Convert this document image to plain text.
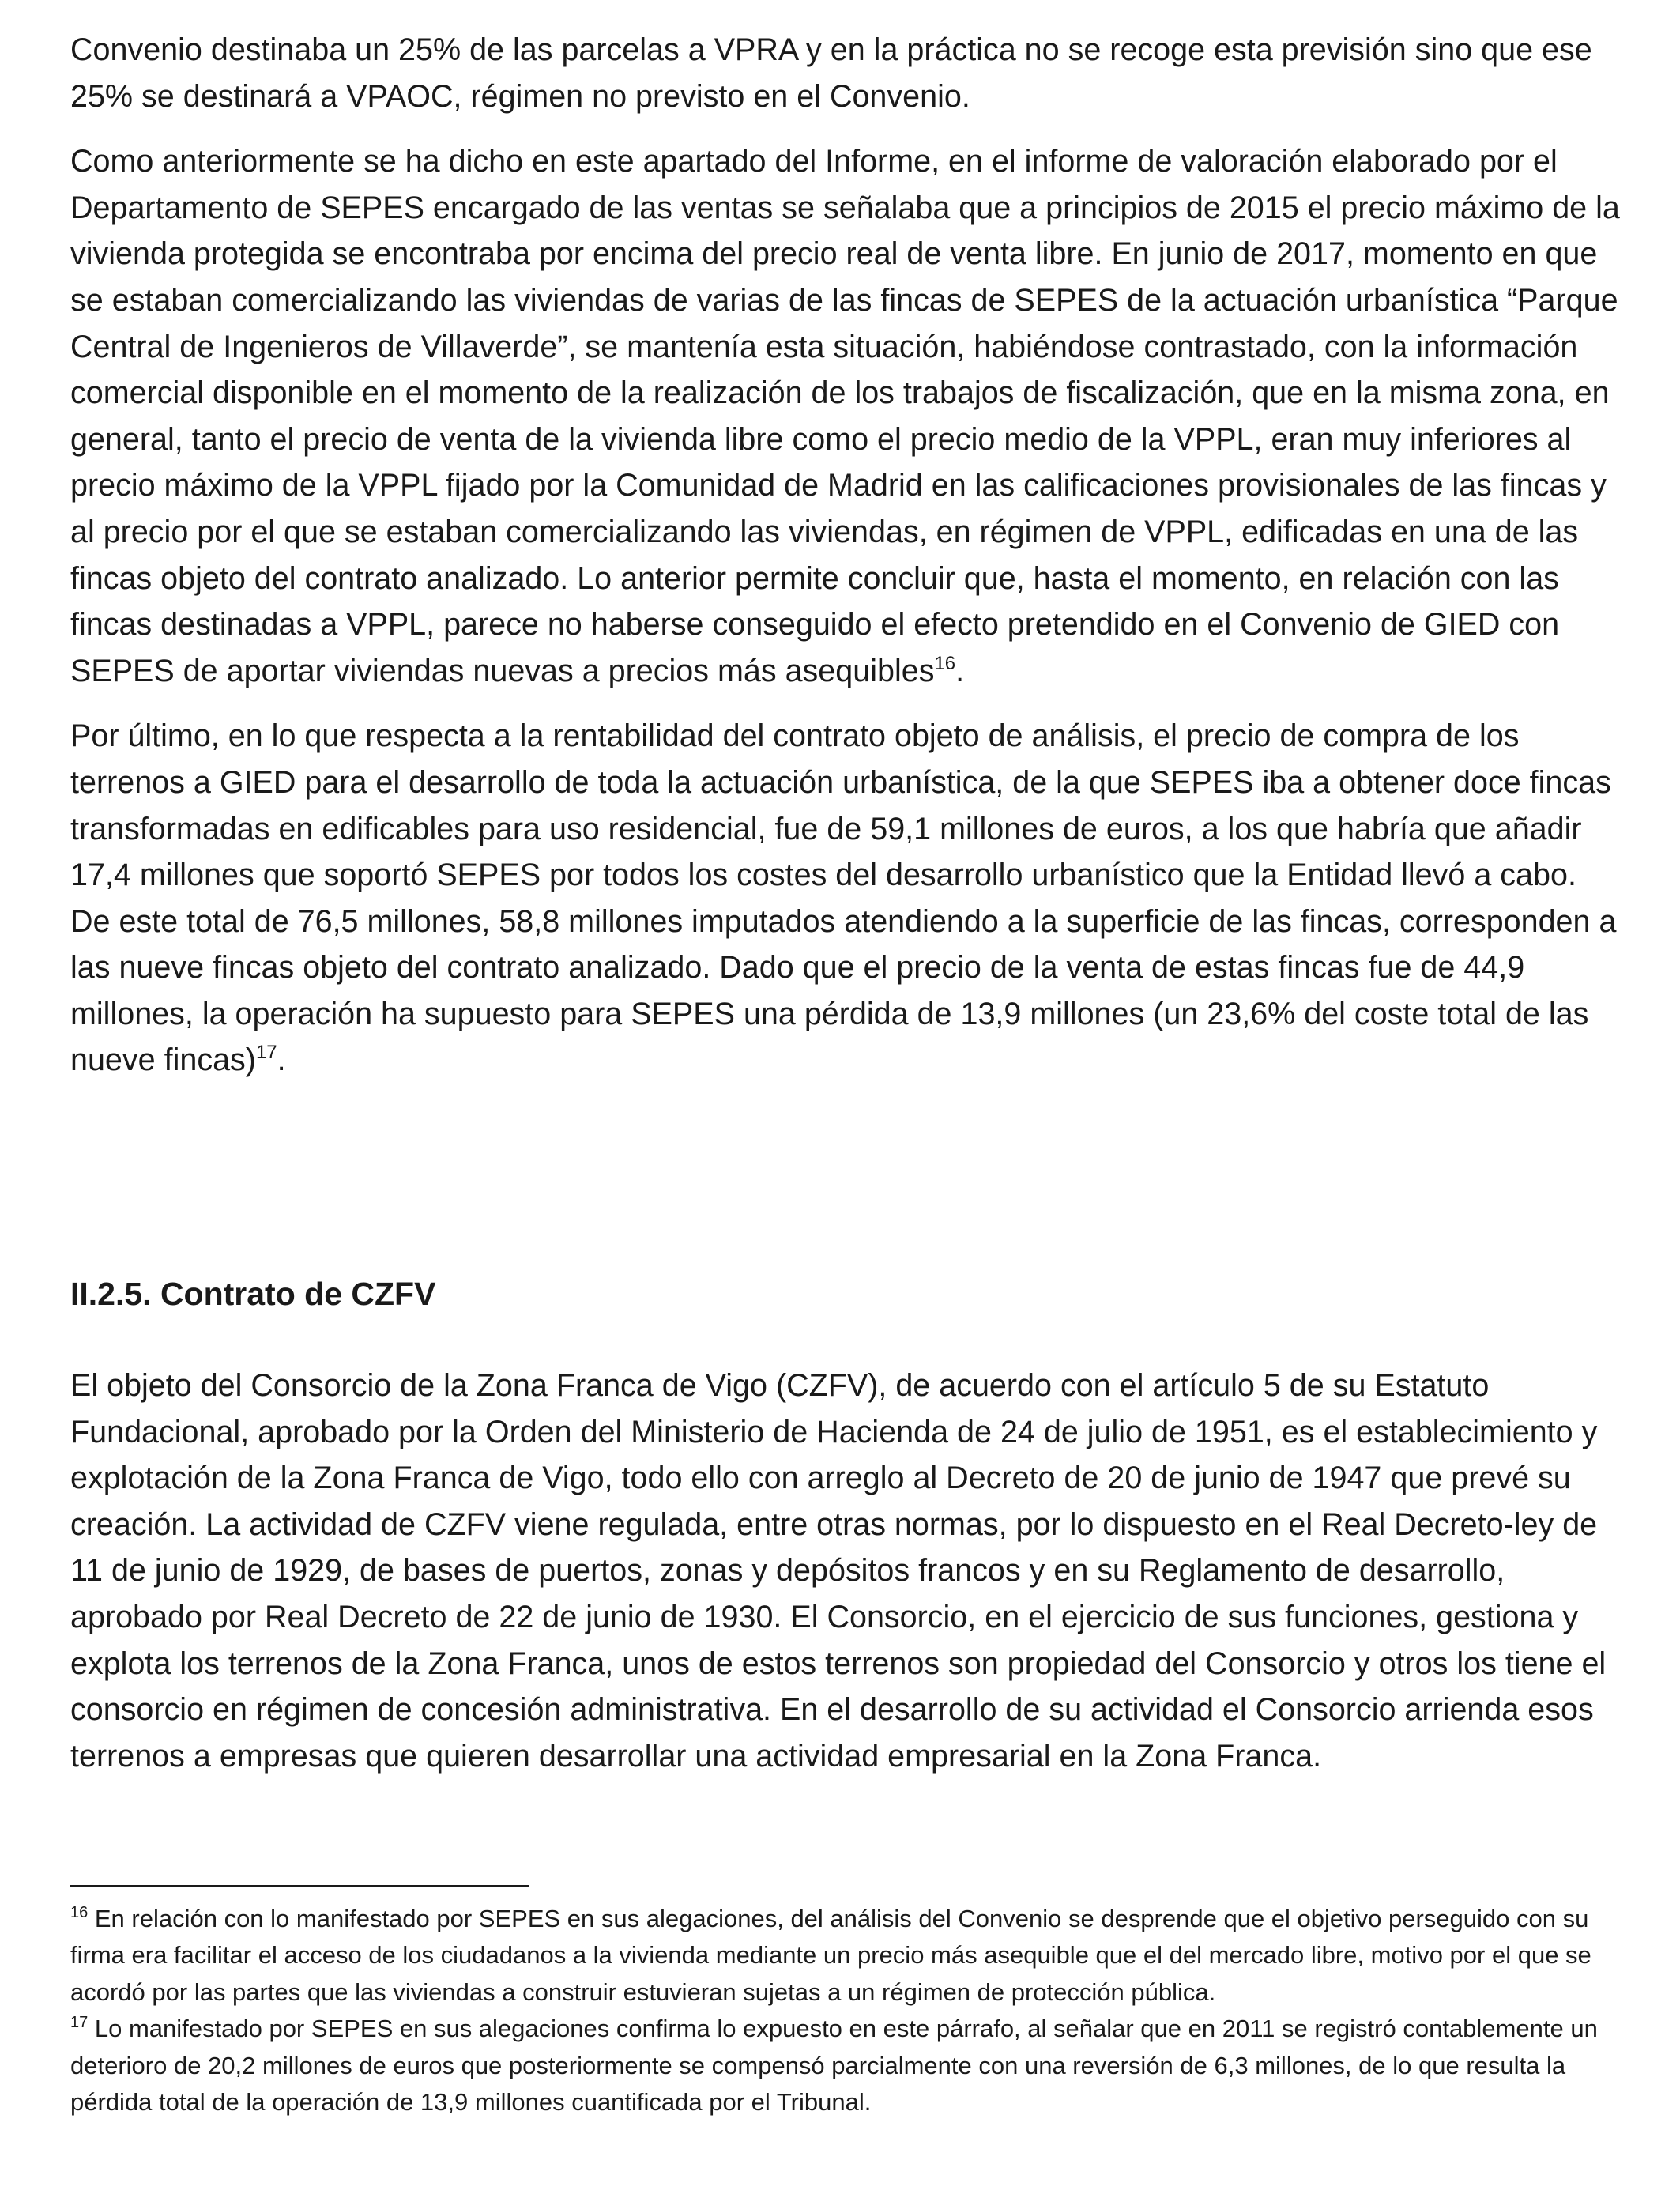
Convenio destinaba un 25% de las parcelas a VPRA y en la práctica no se recoge esta previsión sino que ese 25% se destinará a VPAOC, régimen no previsto en el Convenio.

Como anteriormente se ha dicho en este apartado del Informe, en el informe de valoración elaborado por el Departamento de SEPES encargado de las ventas se señalaba que a principios de 2015 el precio máximo de la vivienda protegida se encontraba por encima del precio real de venta libre. En junio de 2017, momento en que se estaban comercializando las viviendas de varias de las fincas de SEPES de la actuación urbanística “Parque Central de Ingenieros de Villaverde”, se mantenía esta situación, habiéndose contrastado, con la información comercial disponible en el momento de la realización de los trabajos de fiscalización, que en la misma zona, en general, tanto el precio de venta de la vivienda libre como el precio medio de la VPPL, eran muy inferiores al precio máximo de la VPPL fijado por la Comunidad de Madrid en las calificaciones provisionales de las fincas y al precio por el que se estaban comercializando las viviendas, en régimen de VPPL, edificadas en una de las fincas objeto del contrato analizado. Lo anterior permite concluir que, hasta el momento, en relación con las fincas destinadas a VPPL, parece no haberse conseguido el efecto pretendido en el Convenio de GIED con SEPES de aportar viviendas nuevas a precios más asequibles$^{16}$.

Por último, en lo que respecta a la rentabilidad del contrato objeto de análisis, el precio de compra de los terrenos a GIED para el desarrollo de toda la actuación urbanística, de la que SEPES iba a obtener doce fincas transformadas en edificables para uso residencial, fue de 59,1 millones de euros, a los que habría que añadir 17,4 millones que soportó SEPES por todos los costes del desarrollo urbanístico que la Entidad llevó a cabo. De este total de 76,5 millones, 58,8 millones imputados atendiendo a la superficie de las fincas, corresponden a las nueve fincas objeto del contrato analizado. Dado que el precio de la venta de estas fincas fue de 44,9 millones, la operación ha supuesto para SEPES una pérdida de 13,9 millones (un 23,6% del coste total de las nueve fincas)$^{17}$.

II.2.5. Contrato de CZFV

El objeto del Consorcio de la Zona Franca de Vigo (CZFV), de acuerdo con el artículo 5 de su Estatuto Fundacional, aprobado por la Orden del Ministerio de Hacienda de 24 de julio de 1951, es el establecimiento y explotación de la Zona Franca de Vigo, todo ello con arreglo al Decreto de 20 de junio de 1947 que prevé su creación. La actividad de CZFV viene regulada, entre otras normas, por lo dispuesto en el Real Decreto-ley de 11 de junio de 1929, de bases de puertos, zonas y depósitos francos y en su Reglamento de desarrollo, aprobado por Real Decreto de 22 de junio de 1930. El Consorcio, en el ejercicio de sus funciones, gestiona y explota los terrenos de la Zona Franca, unos de estos terrenos son propiedad del Consorcio y otros los tiene el consorcio en régimen de concesión administrativa. En el desarrollo de su actividad el Consorcio arrienda esos terrenos a empresas que quieren desarrollar una actividad empresarial en la Zona Franca.

$^{16}$ En relación con lo manifestado por SEPES en sus alegaciones, del análisis del Convenio se desprende que el objetivo perseguido con su firma era facilitar el acceso de los ciudadanos a la vivienda mediante un precio más asequible que el del mercado libre, motivo por el que se acordó por las partes que las viviendas a construir estuvieran sujetas a un régimen de protección pública.

$^{17}$ Lo manifestado por SEPES en sus alegaciones confirma lo expuesto en este párrafo, al señalar que en 2011 se registró contablemente un deterioro de 20,2 millones de euros que posteriormente se compensó parcialmente con una reversión de 6,3 millones, de lo que resulta la pérdida total de la operación de 13,9 millones cuantificada por el Tribunal.
